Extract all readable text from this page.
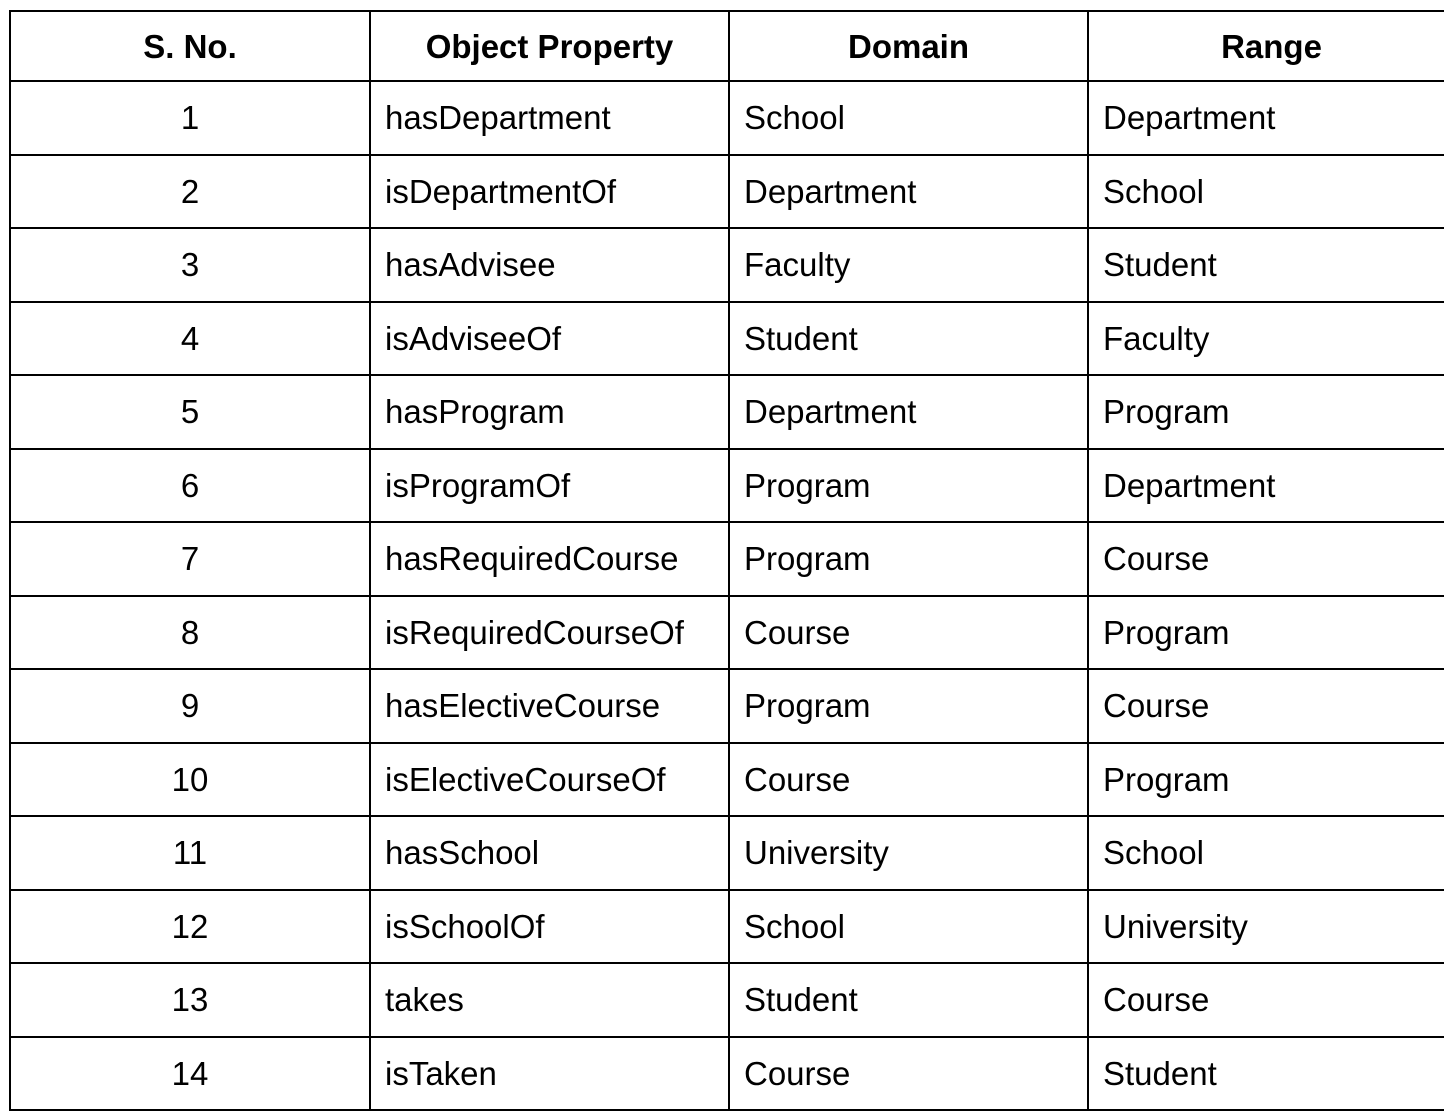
S. No.	Object Property	Domain	Range
1	hasDepartment	School	Department
2	isDepartmentOf	Department	School
3	hasAdvisee	Faculty	Student
4	isAdviseeOf	Student	Faculty
5	hasProgram	Department	Program
6	isProgramOf	Program	Department
7	hasRequiredCourse	Program	Course
8	isRequiredCourseOf	Course	Program
9	hasElectiveCourse	Program	Course
10	isElectiveCourseOf	Course	Program
11	hasSchool	University	School
12	isSchoolOf	School	University
13	takes	Student	Course
14	isTaken	Course	Student
